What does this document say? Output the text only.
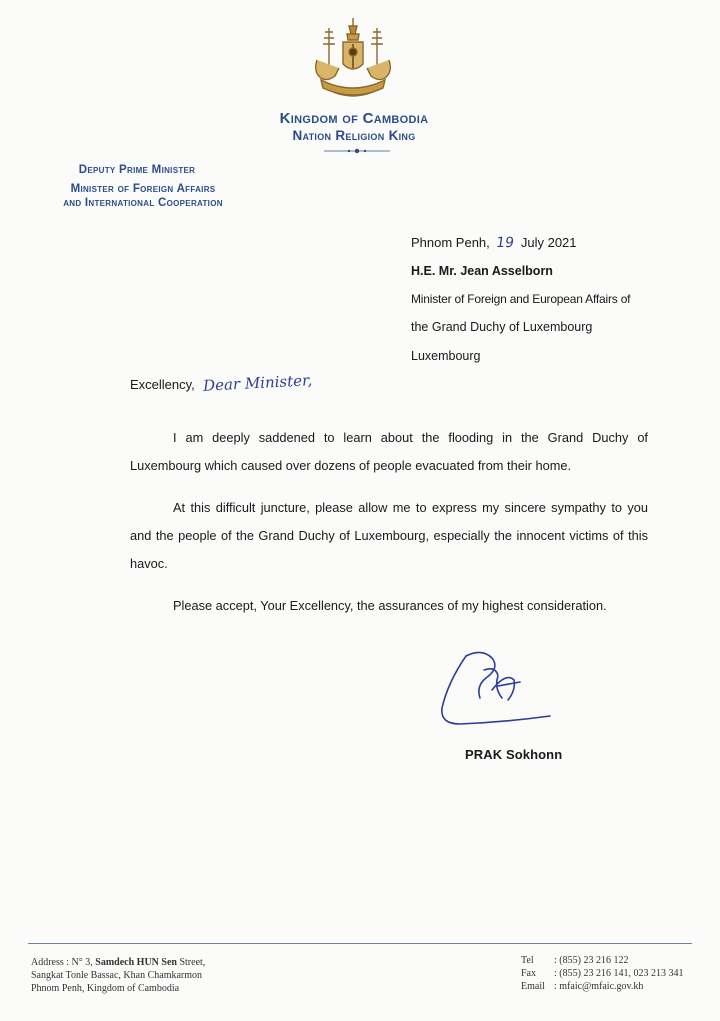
Kingdom of Cambodia
Nation Religion King
Deputy Prime Minister
Minister of Foreign Affairs
and International Cooperation
Phnom Penh, 19 July 2021
H.E. Mr. Jean Asselborn
Minister of Foreign and European Affairs of
the Grand Duchy of Luxembourg
Luxembourg
Excellency, Dear Minister,
I am deeply saddened to learn about the flooding in the Grand Duchy of Luxembourg which caused over dozens of people evacuated from their home.
At this difficult juncture, please allow me to express my sincere sympathy to you and the people of the Grand Duchy of Luxembourg, especially the innocent victims of this havoc.
Please accept, Your Excellency, the assurances of my highest consideration.
PRAK Sokhonn
Address : N° 3, Samdech HUN Sen Street,
Sangkat Tonle Bassac, Khan Chamkarmon
Phnom Penh, Kingdom of Cambodia
Tel : (855) 23 216 122
Fax : (855) 23 216 141, 023 213 341
Email : mfaic@mfaic.gov.kh
